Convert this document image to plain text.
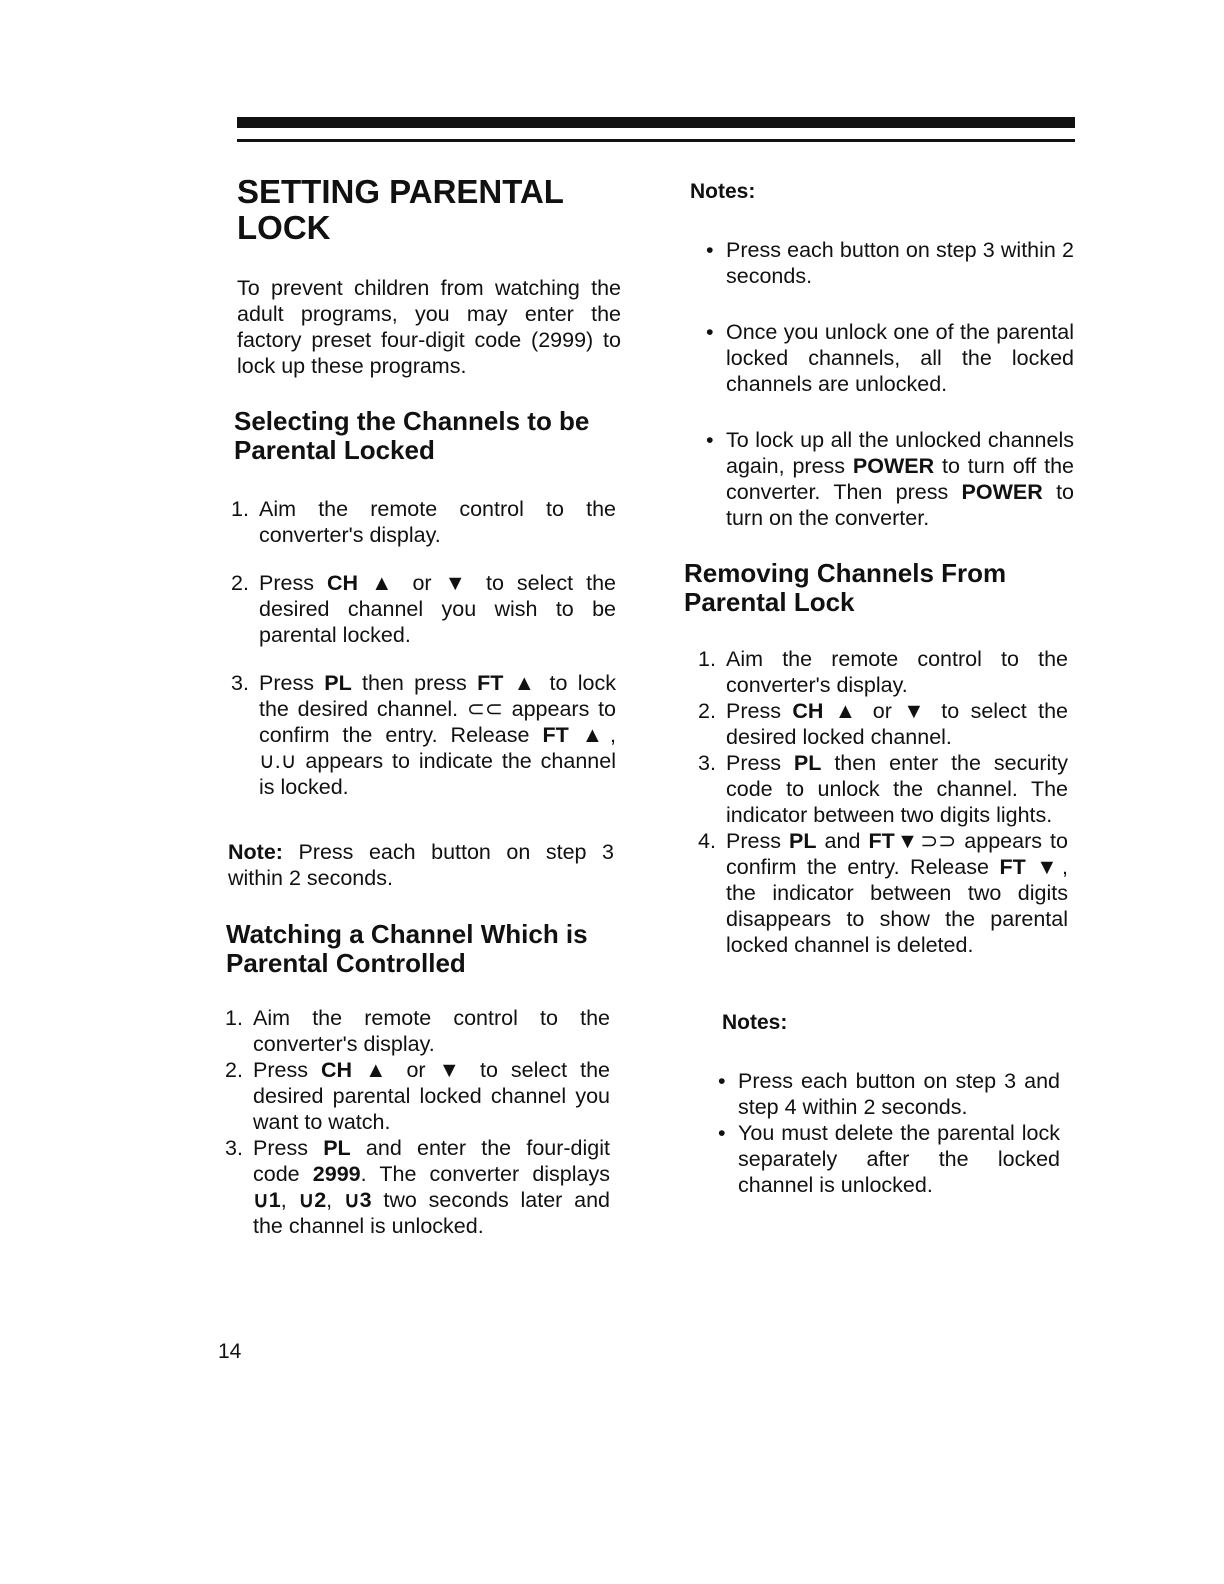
SETTING PARENTAL LOCK
To prevent children from watching the adult programs, you may enter the factory preset four-digit code (2999) to lock up these programs.
Selecting the Channels to be Parental Locked
1. Aim the remote control to the converter's display.
2. Press CH ▲ or ▼ to select the desired channel you wish to be parental locked.
3. Press PL then press FT ▲ to lock the desired channel. ⊂⊂ appears to confirm the entry. Release FT ▲, ∪.∪ appears to indicate the channel is locked.
Note: Press each button on step 3 within 2 seconds.
Watching a Channel Which is Parental Controlled
1. Aim the remote control to the converter's display.
2. Press CH ▲ or ▼ to select the desired parental locked channel you want to watch.
3. Press PL and enter the four-digit code 2999. The converter displays ∪1, ∪2, ∪3 two seconds later and the channel is unlocked.
Notes:
• Press each button on step 3 within 2 seconds.
• Once you unlock one of the parental locked channels, all the locked channels are unlocked.
• To lock up all the unlocked channels again, press POWER to turn off the converter. Then press POWER to turn on the converter.
Removing Channels From Parental Lock
1. Aim the remote control to the converter's display.
2. Press CH ▲ or ▼ to select the desired locked channel.
3. Press PL then enter the security code to unlock the channel. The indicator between two digits lights.
4. Press PL and FT▼⊃⊃ appears to confirm the entry. Release FT ▼, the indicator between two digits disappears to show the parental locked channel is deleted.
Notes:
• Press each button on step 3 and step 4 within 2 seconds.
• You must delete the parental lock separately after the locked channel is unlocked.
14
